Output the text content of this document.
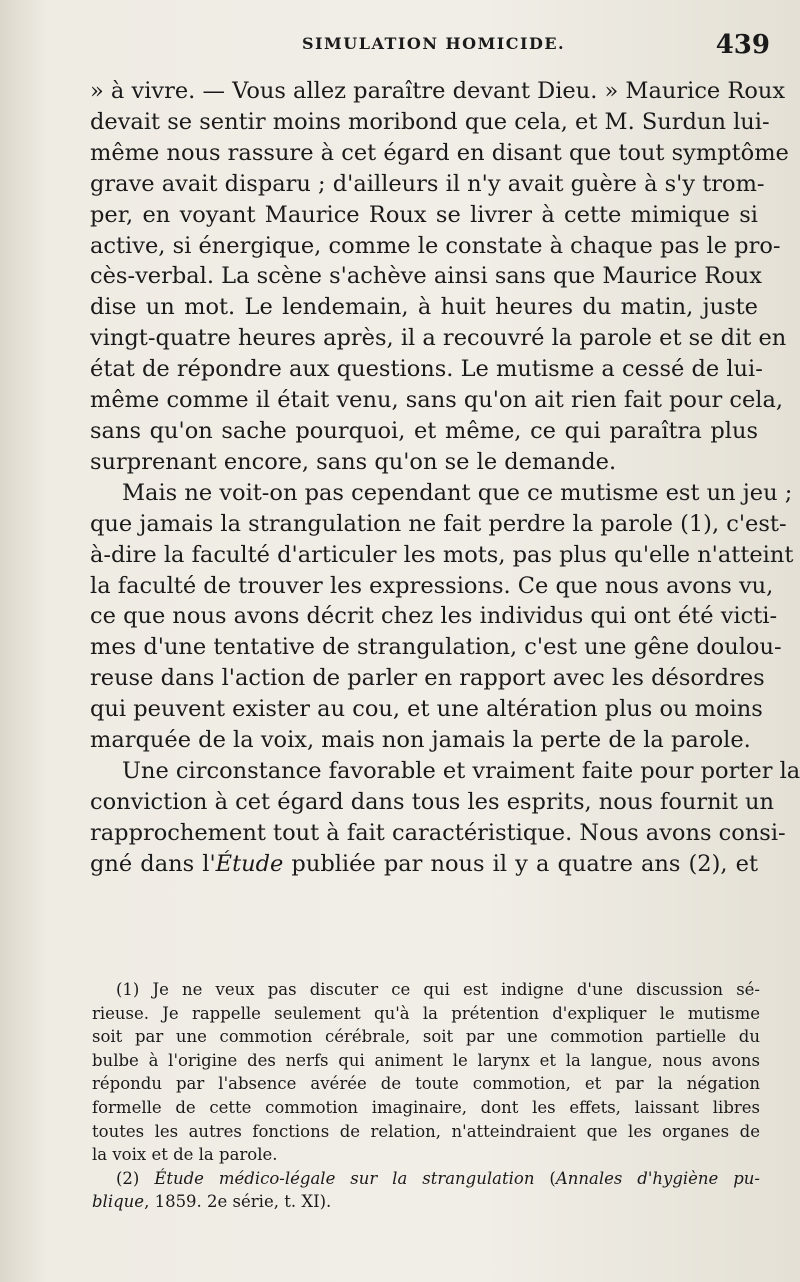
SIMULATION HOMICIDE.	439

» à vivre. — Vous allez paraître devant Dieu. » Maurice Roux
devait se sentir moins moribond que cela, et M. Surdun lui-
même nous rassure à cet égard en disant que tout symptôme
grave avait disparu ; d'ailleurs il n'y avait guère à s'y trom-
per, en voyant Maurice Roux se livrer à cette mimique si
active, si énergique, comme le constate à chaque pas le pro-
cès-verbal. La scène s'achève ainsi sans que Maurice Roux
dise un mot. Le lendemain, à huit heures du matin, juste
vingt-quatre heures après, il a recouvré la parole et se dit en
état de répondre aux questions. Le mutisme a cessé de lui-
même comme il était venu, sans qu'on ait rien fait pour cela,
sans qu'on sache pourquoi, et même, ce qui paraîtra plus
surprenant encore, sans qu'on se le demande.

Mais ne voit-on pas cependant que ce mutisme est un jeu ;
que jamais la strangulation ne fait perdre la parole (1), c'est-
à-dire la faculté d'articuler les mots, pas plus qu'elle n'atteint
la faculté de trouver les expressions. Ce que nous avons vu,
ce que nous avons décrit chez les individus qui ont été victi-
mes d'une tentative de strangulation, c'est une gêne doulou-
reuse dans l'action de parler en rapport avec les désordres
qui peuvent exister au cou, et une altération plus ou moins
marquée de la voix, mais non jamais la perte de la parole.

Une circonstance favorable et vraiment faite pour porter la
conviction à cet égard dans tous les esprits, nous fournit un
rapprochement tout à fait caractéristique. Nous avons consi-
gné dans l'Étude publiée par nous il y a quatre ans (2), et

(1) Je ne veux pas discuter ce qui est indigne d'une discussion sé-
rieuse. Je rappelle seulement qu'à la prétention d'expliquer le mutisme
soit par une commotion cérébrale, soit par une commotion partielle du
bulbe à l'origine des nerfs qui animent le larynx et la langue, nous avons
répondu par l'absence avérée de toute commotion, et par la négation
formelle de cette commotion imaginaire, dont les effets, laissant libres
toutes les autres fonctions de relation, n'atteindraient que les organes de
la voix et de la parole.

(2) Étude médico-légale sur la strangulation (Annales d'hygiène pu-
blique, 1859. 2e série, t. XI).
